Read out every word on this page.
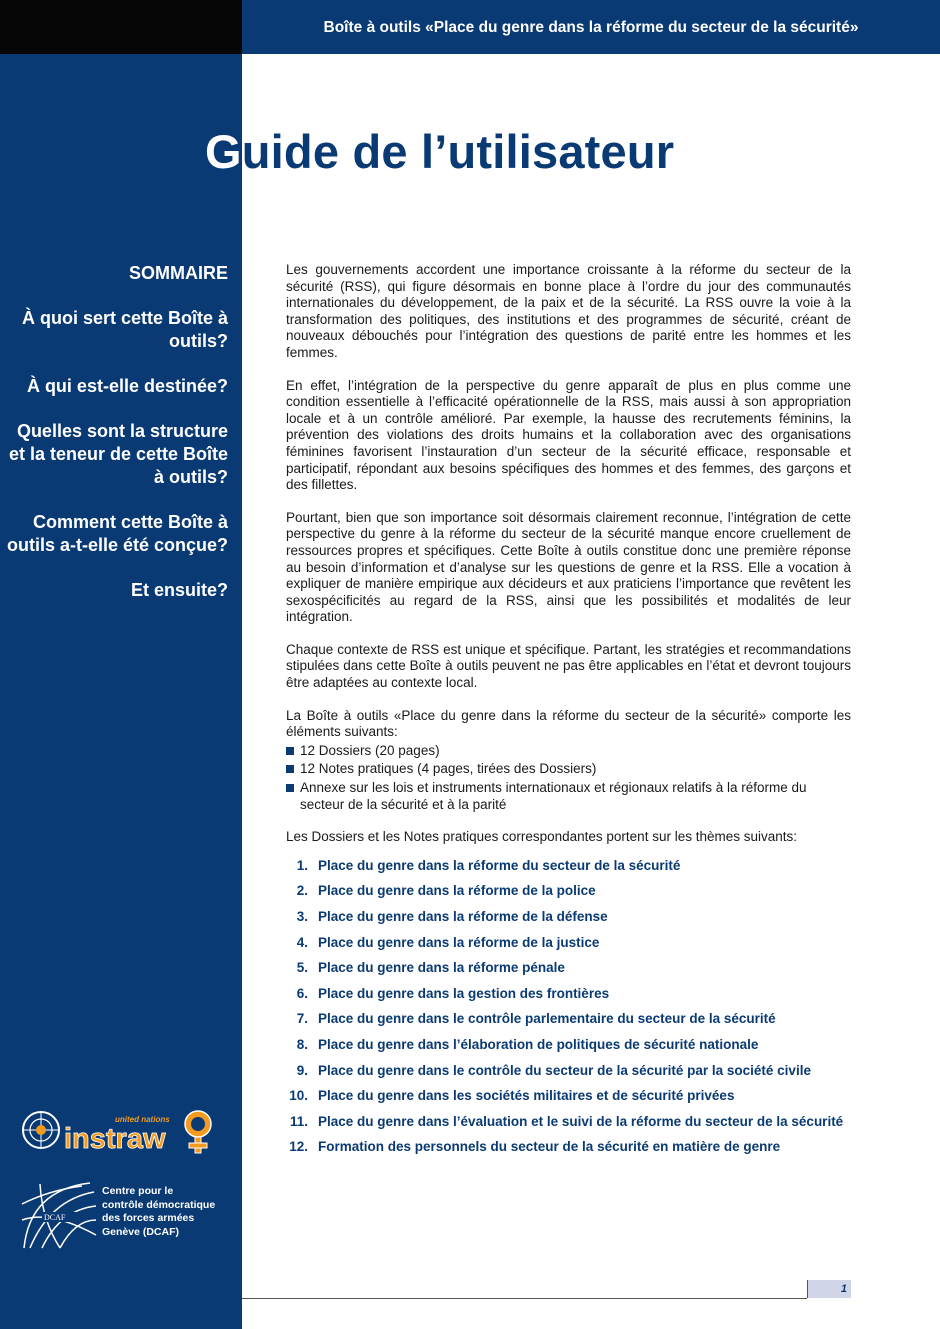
Boîte à outils «Place du genre dans la réforme du secteur de la sécurité»
Guide de l’utilisateur
SOMMAIRE
À quoi sert cette Boîte à outils?
À qui est-elle destinée?
Quelles sont la structure et la teneur de cette Boîte à outils?
Comment cette Boîte à outils a-t-elle été conçue?
Et ensuite?

Les gouvernements accordent une importance croissante à la réforme du secteur de la sécurité (RSS), qui figure désormais en bonne place à l’ordre du jour des communautés internationales du développement, de la paix et de la sécurité. La RSS ouvre la voie à la transformation des politiques, des institutions et des programmes de sécurité, créant de nouveaux débouchés pour l’intégration des questions de parité entre les hommes et les femmes.

En effet, l’intégration de la perspective du genre apparaît de plus en plus comme une condition essentielle à l’efficacité opérationnelle de la RSS, mais aussi à son appropriation locale et à un contrôle amélioré. Par exemple, la hausse des recrutements féminins, la prévention des violations des droits humains et la collaboration avec des organisations féminines favorisent l’instauration d’un secteur de la sécurité efficace, responsable et participatif, répondant aux besoins spécifiques des hommes et des femmes, des garçons et des fillettes.

Pourtant, bien que son importance soit désormais clairement reconnue, l’intégration de cette perspective du genre à la réforme du secteur de la sécurité manque encore cruellement de ressources propres et spécifiques. Cette Boîte à outils constitue donc une première réponse au besoin d’information et d’analyse sur les questions de genre et la RSS. Elle a vocation à expliquer de manière empirique aux décideurs et aux praticiens l’importance que revêtent les sexospécificités au regard de la RSS, ainsi que les possibilités et modalités de leur intégration.

Chaque contexte de RSS est unique et spécifique. Partant, les stratégies et recommandations stipulées dans cette Boîte à outils peuvent ne pas être applicables en l’état et devront toujours être adaptées au contexte local.

La Boîte à outils «Place du genre dans la réforme du secteur de la sécurité» comporte les éléments suivants:

12 Dossiers (20 pages)
12 Notes pratiques (4 pages, tirées des Dossiers)
Annexe sur les lois et instruments internationaux et régionaux relatifs à la réforme du secteur de la sécurité et à la parité

Les Dossiers et les Notes pratiques correspondantes portent sur les thèmes suivants:

1. Place du genre dans la réforme du secteur de la sécurité
2. Place du genre dans la réforme de la police
3. Place du genre dans la réforme de la défense
4. Place du genre dans la réforme de la justice
5. Place du genre dans la réforme pénale
6. Place du genre dans la gestion des frontières
7. Place du genre dans le contrôle parlementaire du secteur de la sécurité
8. Place du genre dans l’élaboration de politiques de sécurité nationale
9. Place du genre dans le contrôle du secteur de la sécurité par la société civile
10. Place du genre dans les sociétés militaires et de sécurité privées
11. Place du genre dans l’évaluation et le suivi de la réforme du secteur de la sécurité
12. Formation des personnels du secteur de la sécurité en matière de genre
united nations
instraw
DCAF
Centre pour le
contrôle démocratique
des forces armées
Genève (DCAF)
1
